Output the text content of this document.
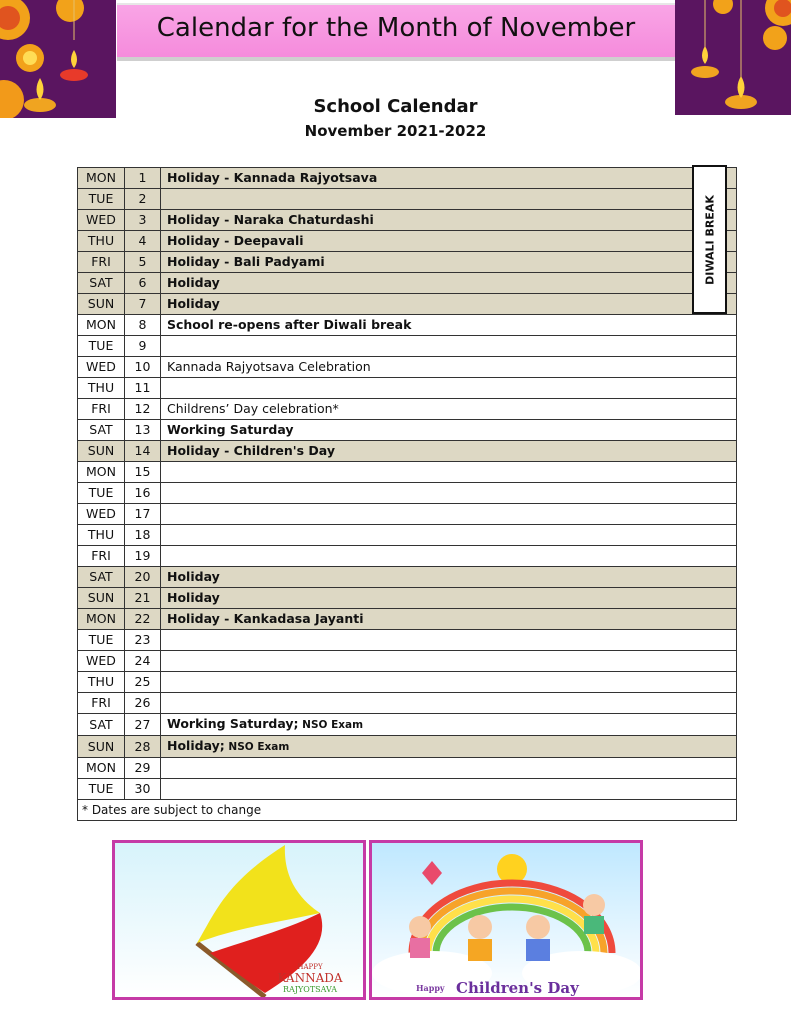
Calendar for the Month of November
School Calendar
November 2021-2022
MON	1	Holiday - Kannada Rajyotsava
TUE	2	
WED	3	Holiday - Naraka Chaturdashi
THU	4	Holiday - Deepavali
FRI	5	Holiday - Bali Padyami
SAT	6	Holiday
SUN	7	Holiday
MON	8	School re-opens after Diwali break
TUE	9	
WED	10	Kannada Rajyotsava Celebration
THU	11	
FRI	12	Childrens’ Day celebration*
SAT	13	Working Saturday
SUN	14	Holiday - Children's Day
MON	15	
TUE	16	
WED	17	
THU	18	
FRI	19	
SAT	20	Holiday
SUN	21	Holiday
MON	22	Holiday - Kankadasa Jayanti
TUE	23	
WED	24	
THU	25	
FRI	26	
SAT	27	Working Saturday; NSO Exam
SUN	28	Holiday; NSO Exam
MON	29	
TUE	30	
* Dates are subject to change		
DIWALI BREAK
HAPPY
KANNADA
RAJYOTSAVA	Happy Children's Day
